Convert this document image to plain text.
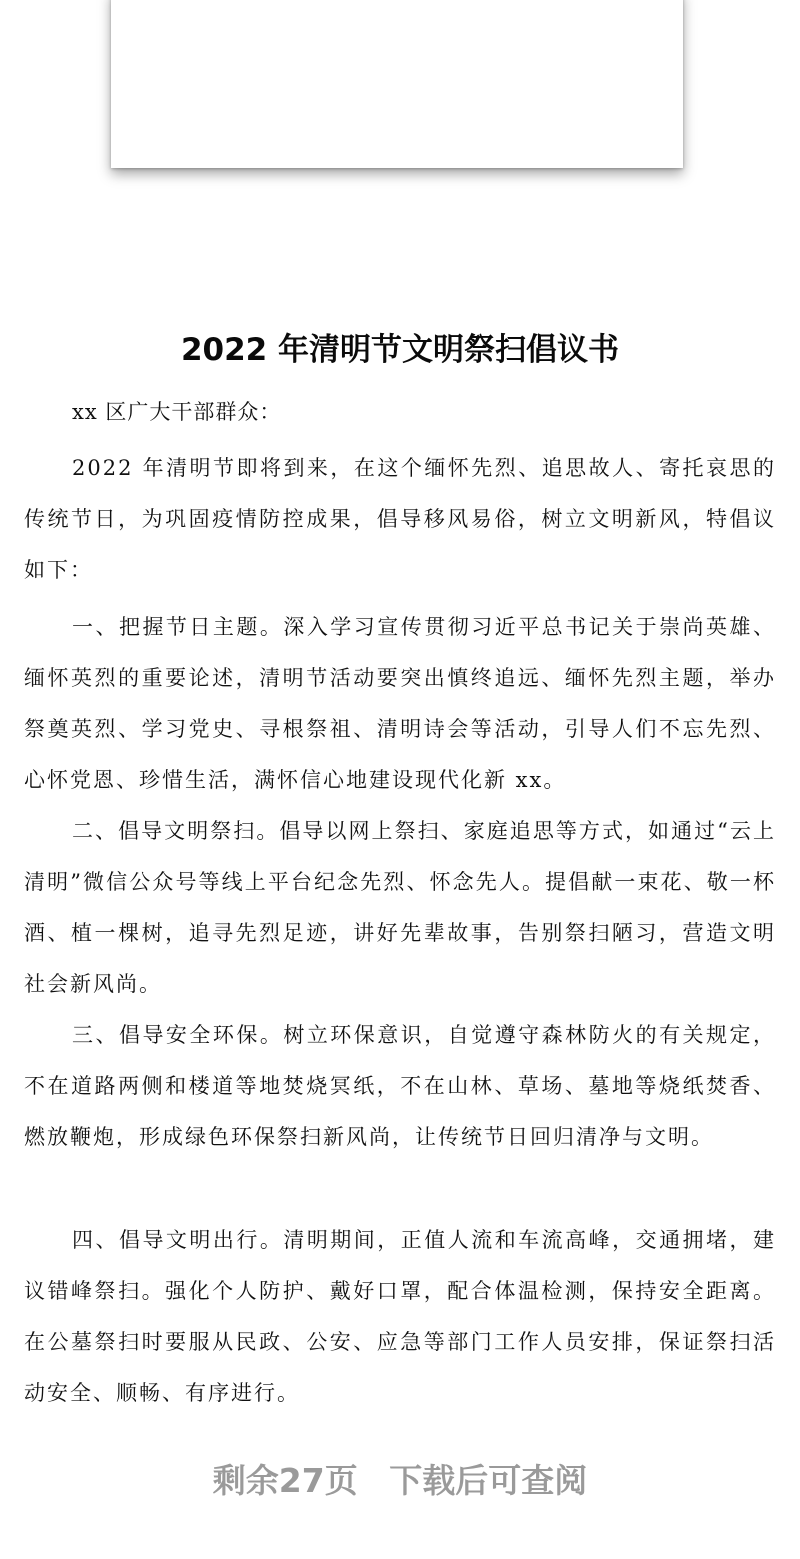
2022 年清明节文明祭扫倡议书

xx 区广大干部群众：

2022 年清明节即将到来，在这个缅怀先烈、追思故人、寄托哀思的传统节日，为巩固疫情防控成果，倡导移风易俗，树立文明新风，特倡议如下：

一、把握节日主题。深入学习宣传贯彻习近平总书记关于崇尚英雄、缅怀英烈的重要论述，清明节活动要突出慎终追远、缅怀先烈主题，举办祭奠英烈、学习党史、寻根祭祖、清明诗会等活动，引导人们不忘先烈、心怀党恩、珍惜生活，满怀信心地建设现代化新 xx。

二、倡导文明祭扫。倡导以网上祭扫、家庭追思等方式，如通过“云上清明”微信公众号等线上平台纪念先烈、怀念先人。提倡献一束花、敬一杯酒、植一棵树，追寻先烈足迹，讲好先辈故事，告别祭扫陋习，营造文明社会新风尚。

三、倡导安全环保。树立环保意识，自觉遵守森林防火的有关规定，不在道路两侧和楼道等地焚烧冥纸，不在山林、草场、墓地等烧纸焚香、燃放鞭炮，形成绿色环保祭扫新风尚，让传统节日回归清净与文明。

四、倡导文明出行。清明期间，正值人流和车流高峰，交通拥堵，建议错峰祭扫。强化个人防护、戴好口罩，配合体温检测，保持安全距离。在公墓祭扫时要服从民政、公安、应急等部门工作人员安排，保证祭扫活动安全、顺畅、有序进行。

剩余27页 下载后可查阅
